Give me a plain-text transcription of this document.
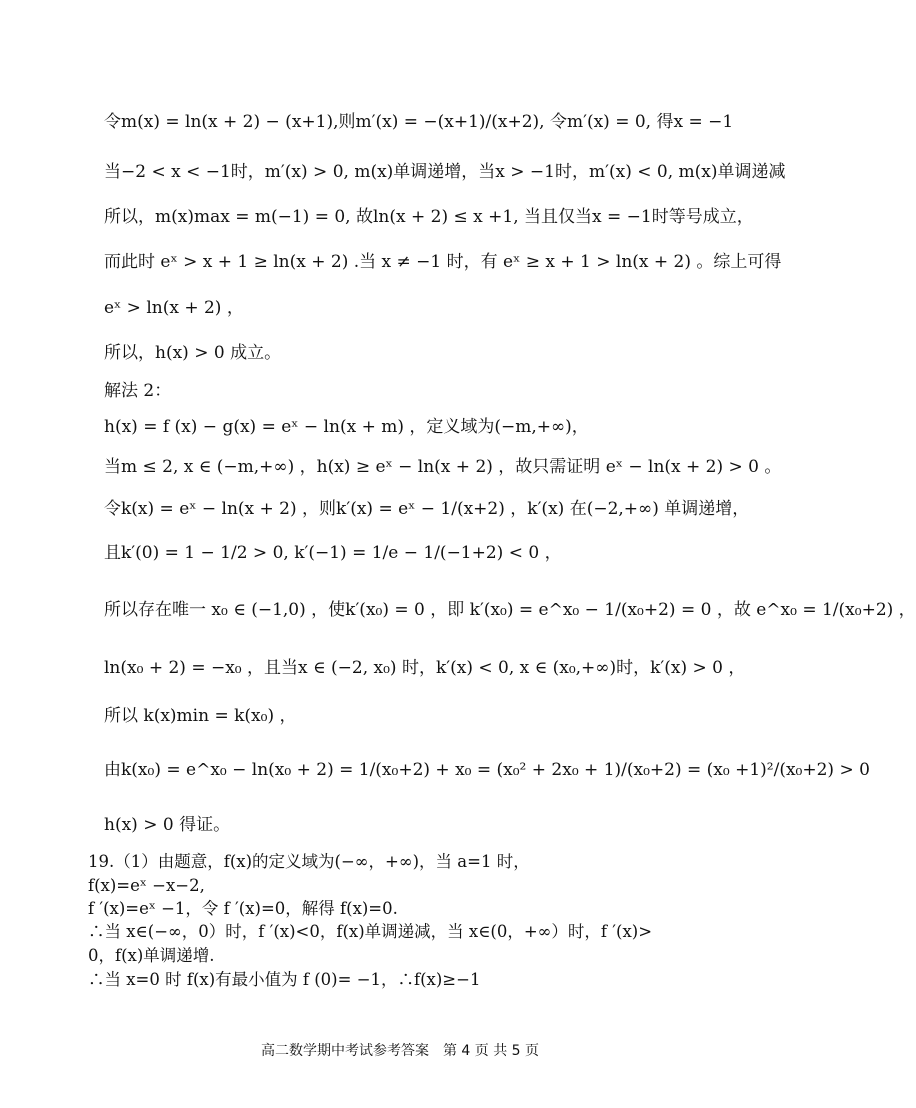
令m(x) = ln(x + 2) − (x+1),则m′(x) = −(x+1)/(x+2), 令m′(x) = 0, 得x = −1
当−2 < x < −1时，m′(x) > 0, m(x)单调递增，当x > −1时，m′(x) < 0, m(x)单调递减
所以，m(x)max = m(−1) = 0, 故ln(x + 2) ≤ x +1, 当且仅当x = −1时等号成立，
而此时 eˣ > x + 1 ≥ ln(x + 2) .当 x ≠ −1 时，有 eˣ ≥ x + 1 > ln(x + 2) 。综上可得
eˣ > ln(x + 2) ，
所以，h(x) > 0 成立。
解法 2：
h(x) = f (x) − g(x) = eˣ − ln(x + m) ，定义域为(−m,+∞)，
当m ≤ 2, x ∈ (−m,+∞) ，h(x) ≥ eˣ − ln(x + 2) ，故只需证明 eˣ − ln(x + 2) > 0 。
令k(x) = eˣ − ln(x + 2) ，则k′(x) = eˣ − 1/(x+2) ，k′(x) 在(−2,+∞) 单调递增，
且k′(0) = 1 − 1/2 > 0, k′(−1) = 1/e − 1/(−1+2) < 0 ，
所以存在唯一 x₀ ∈ (−1,0) ，使k′(x₀) = 0 ，即 k′(x₀) = e^x₀ − 1/(x₀+2) = 0 ，故 e^x₀ = 1/(x₀+2) ，
ln(x₀ + 2) = −x₀ ，且当x ∈ (−2, x₀) 时，k′(x) < 0, x ∈ (x₀,+∞)时，k′(x) > 0 ，
所以 k(x)min = k(x₀) ，
由k(x₀) = e^x₀ − ln(x₀ + 2) = 1/(x₀+2) + x₀ = (x₀² + 2x₀ + 1)/(x₀+2) = (x₀ +1)²/(x₀+2) > 0
h(x) > 0 得证。
19.（1）由题意，f(x)的定义域为(−∞，+∞)，当 a=1 时，
f(x)=eˣ −x−2,
f ′(x)=eˣ −1，令 f ′(x)=0，解得 f(x)=0.
∴当 x∈(−∞，0）时，f ′(x)<0，f(x)单调递减，当 x∈(0，+∞）时，f ′(x)>
0，f(x)单调递增.
∴当 x=0 时 f(x)有最小值为 f (0)= −1，∴f(x)≥−1
高二数学期中考试参考答案　第 4 页 共 5 页
